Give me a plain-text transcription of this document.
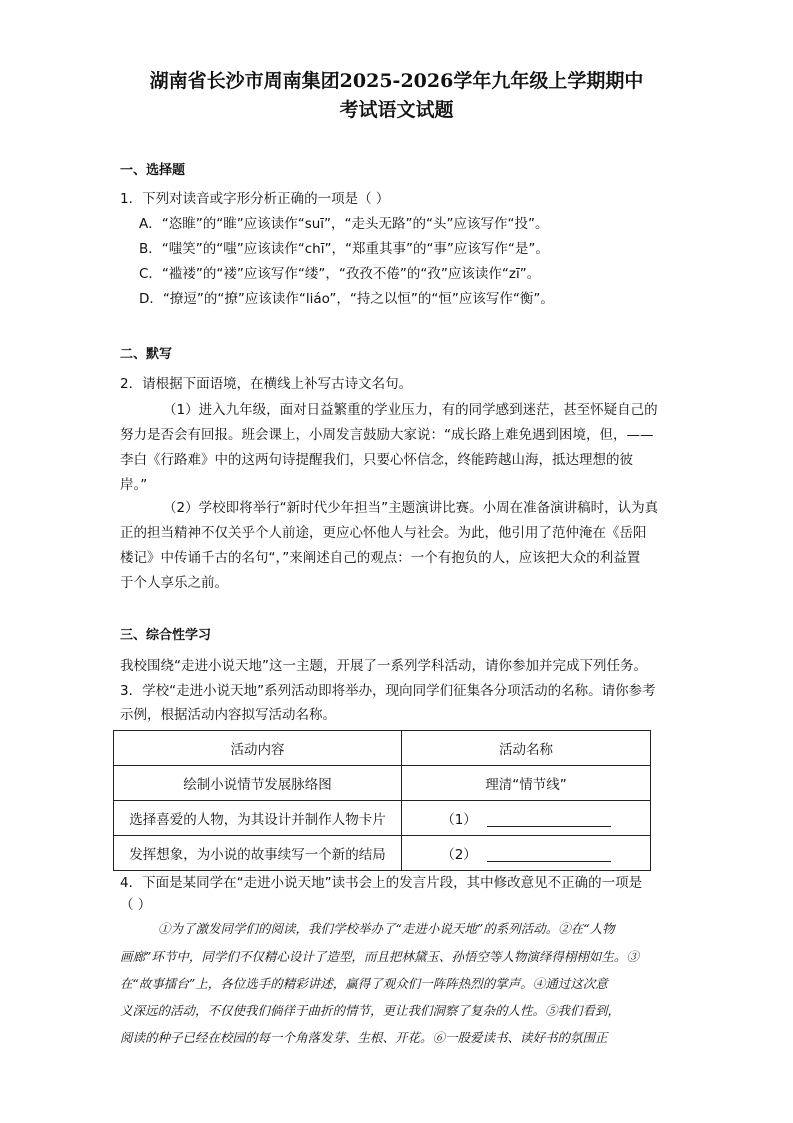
湖南省长沙市周南集团2025-2026学年九年级上学期期中
考试语文试题
一、选择题
1．下列对读音或字形分析正确的一项是（ ）
A．“恣睢”的“睢”应该读作“suī”，“走头无路”的“头”应该写作“投”。
B．“嗤笑”的“嗤”应该读作“chī”，“郑重其事”的“事”应该写作“是”。
C．“褴褛”的“褛”应该写作“缕”，“孜孜不倦”的“孜”应该读作“zī”。
D．“撩逗”的“撩”应该读作“liáo”，“持之以恒”的“恒”应该写作“衡”。
二、默写
2．请根据下面语境，在横线上补写古诗文名句。
（1）进入九年级，面对日益繁重的学业压力，有的同学感到迷茫，甚至怀疑自己的
努力是否会有回报。班会课上，小周发言鼓励大家说：“成长路上难免遇到困境，但，——
李白《行路难》中的这两句诗提醒我们，只要心怀信念，终能跨越山海，抵达理想的彼
岸。”
（2）学校即将举行“新时代少年担当”主题演讲比赛。小周在准备演讲稿时，认为真
正的担当精神不仅关乎个人前途，更应心怀他人与社会。为此，他引用了范仲淹在《岳阳
楼记》中传诵千古的名句“，”来阐述自己的观点：一个有抱负的人，应该把大众的利益置
于个人享乐之前。
三、综合性学习
我校围绕“走进小说天地”这一主题，开展了一系列学科活动，请你参加并完成下列任务。
3．学校“走进小说天地”系列活动即将举办，现向同学们征集各分项活动的名称。请你参考
示例，根据活动内容拟写活动名称。
活动内容	活动名称
绘制小说情节发展脉络图	理清“情节线”
选择喜爱的人物，为其设计并制作人物卡片	（1）
发挥想象，为小说的故事续写一个新的结局	（2）
4．下面是某同学在“走进小说天地”读书会上的发言片段，其中修改意见不正确的一项是
（ ）
①为了激发同学们的阅读，我们学校举办了“走进小说天地”的系列活动。②在“人物
画廊”环节中，同学们不仅精心设计了造型，而且把林黛玉、孙悟空等人物演绎得栩栩如生。③
在“故事擂台”上，各位选手的精彩讲述，赢得了观众们一阵阵热烈的掌声。④通过这次意
义深远的活动，不仅使我们倘徉于曲折的情节，更让我们洞察了复杂的人性。⑤我们看到，
阅读的种子已经在校园的每一个角落发芽、生根、开花。⑥一股爱读书、读好书的氛围正
